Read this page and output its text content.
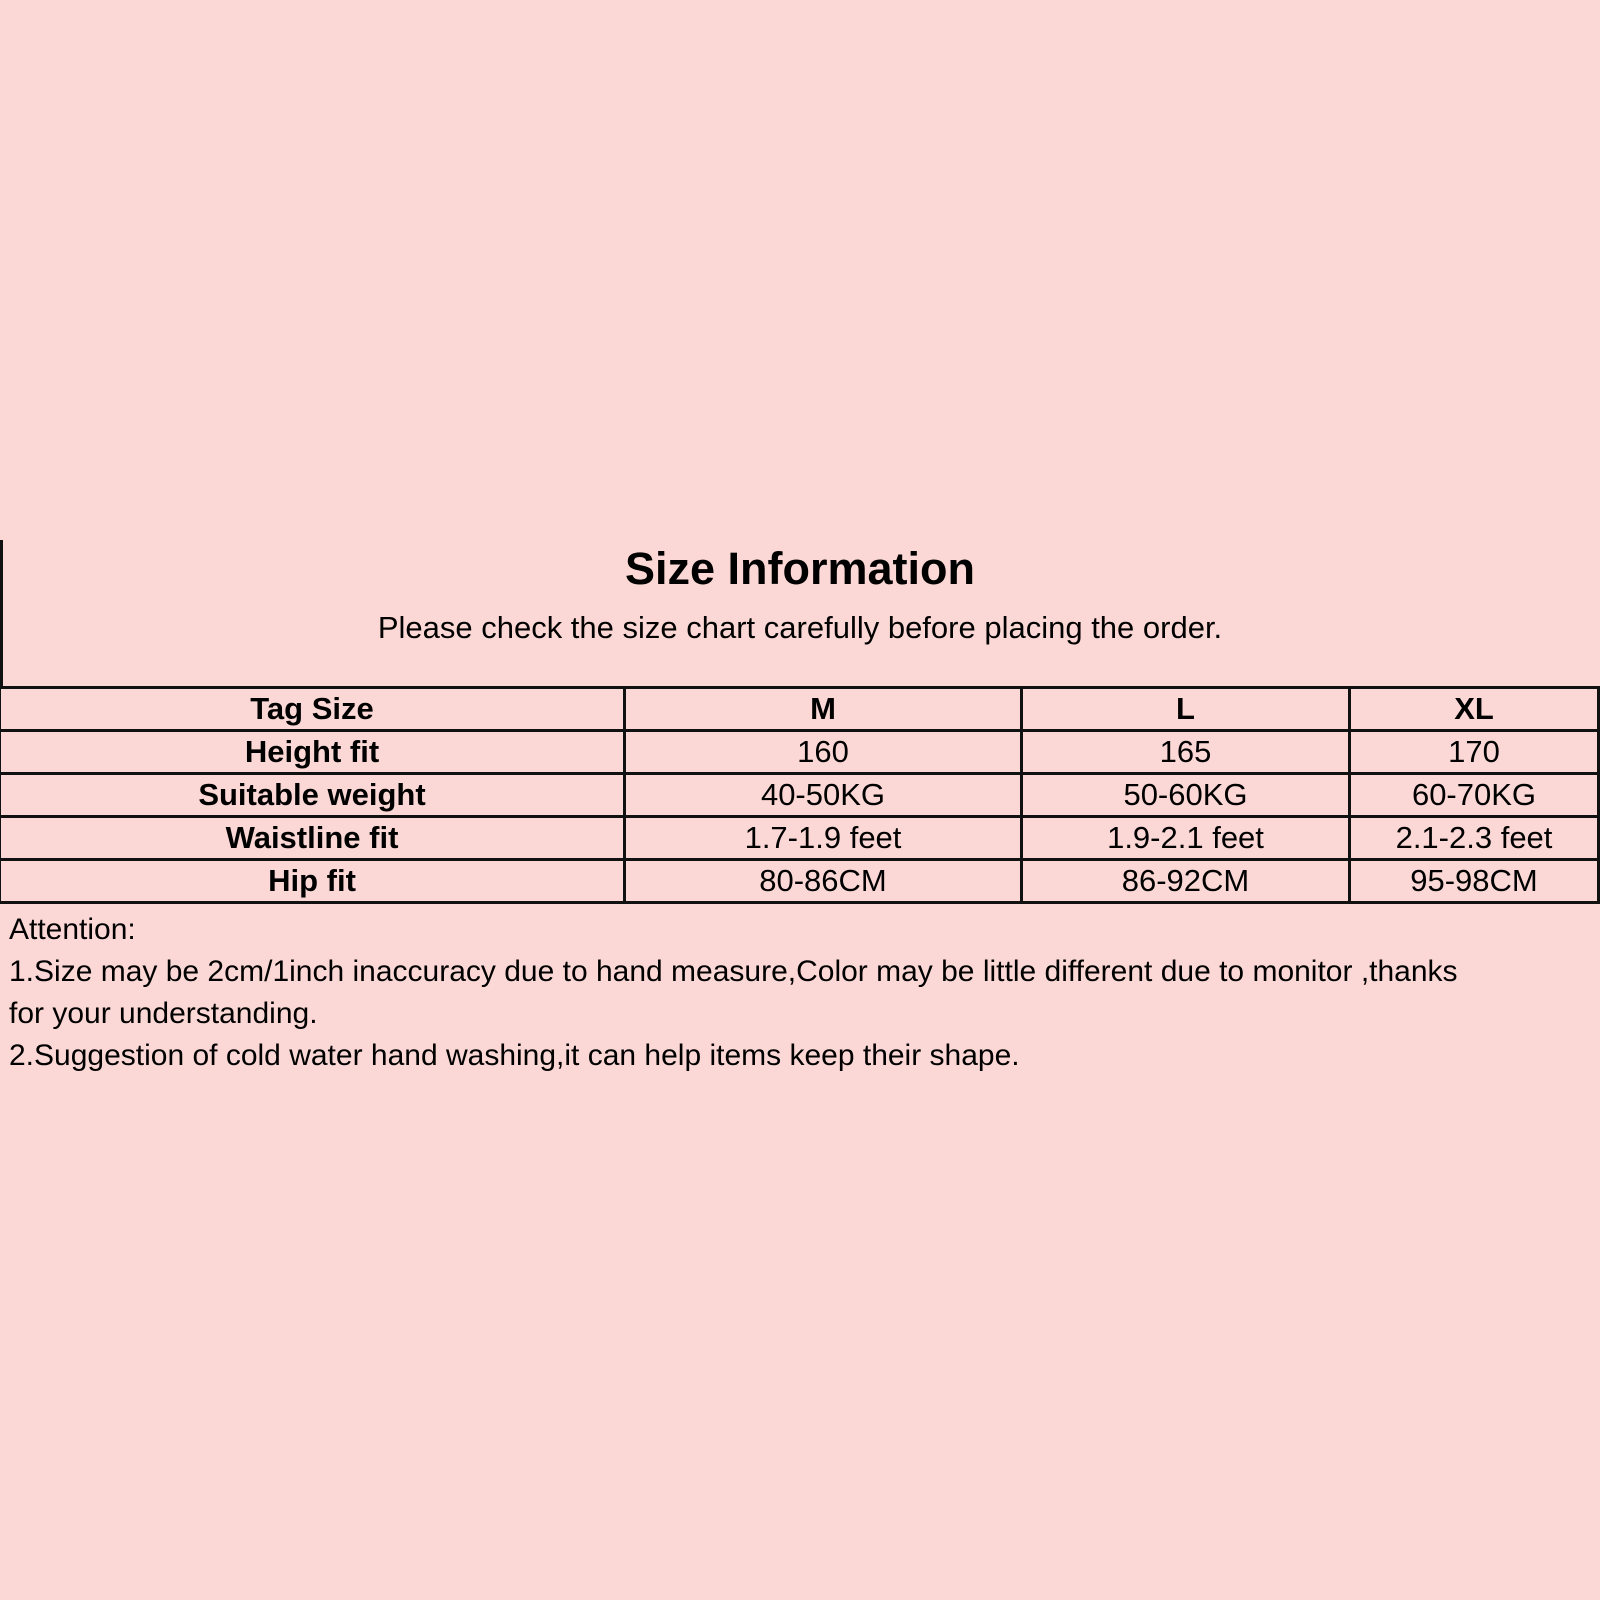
Size Information
Please check the size chart carefully before placing the order.
Tag Size	M	L	XL
Height fit	160	165	170
Suitable weight	40-50KG	50-60KG	60-70KG
Waistline fit	1.7-1.9 feet	1.9-2.1 feet	2.1-2.3 feet
Hip fit	80-86CM	86-92CM	95-98CM
Attention:
1.Size may be 2cm/1inch inaccuracy due to hand measure,Color may be little different due to monitor ,thanks
for your understanding.
2.Suggestion of cold water hand washing,it can help items keep their shape.
